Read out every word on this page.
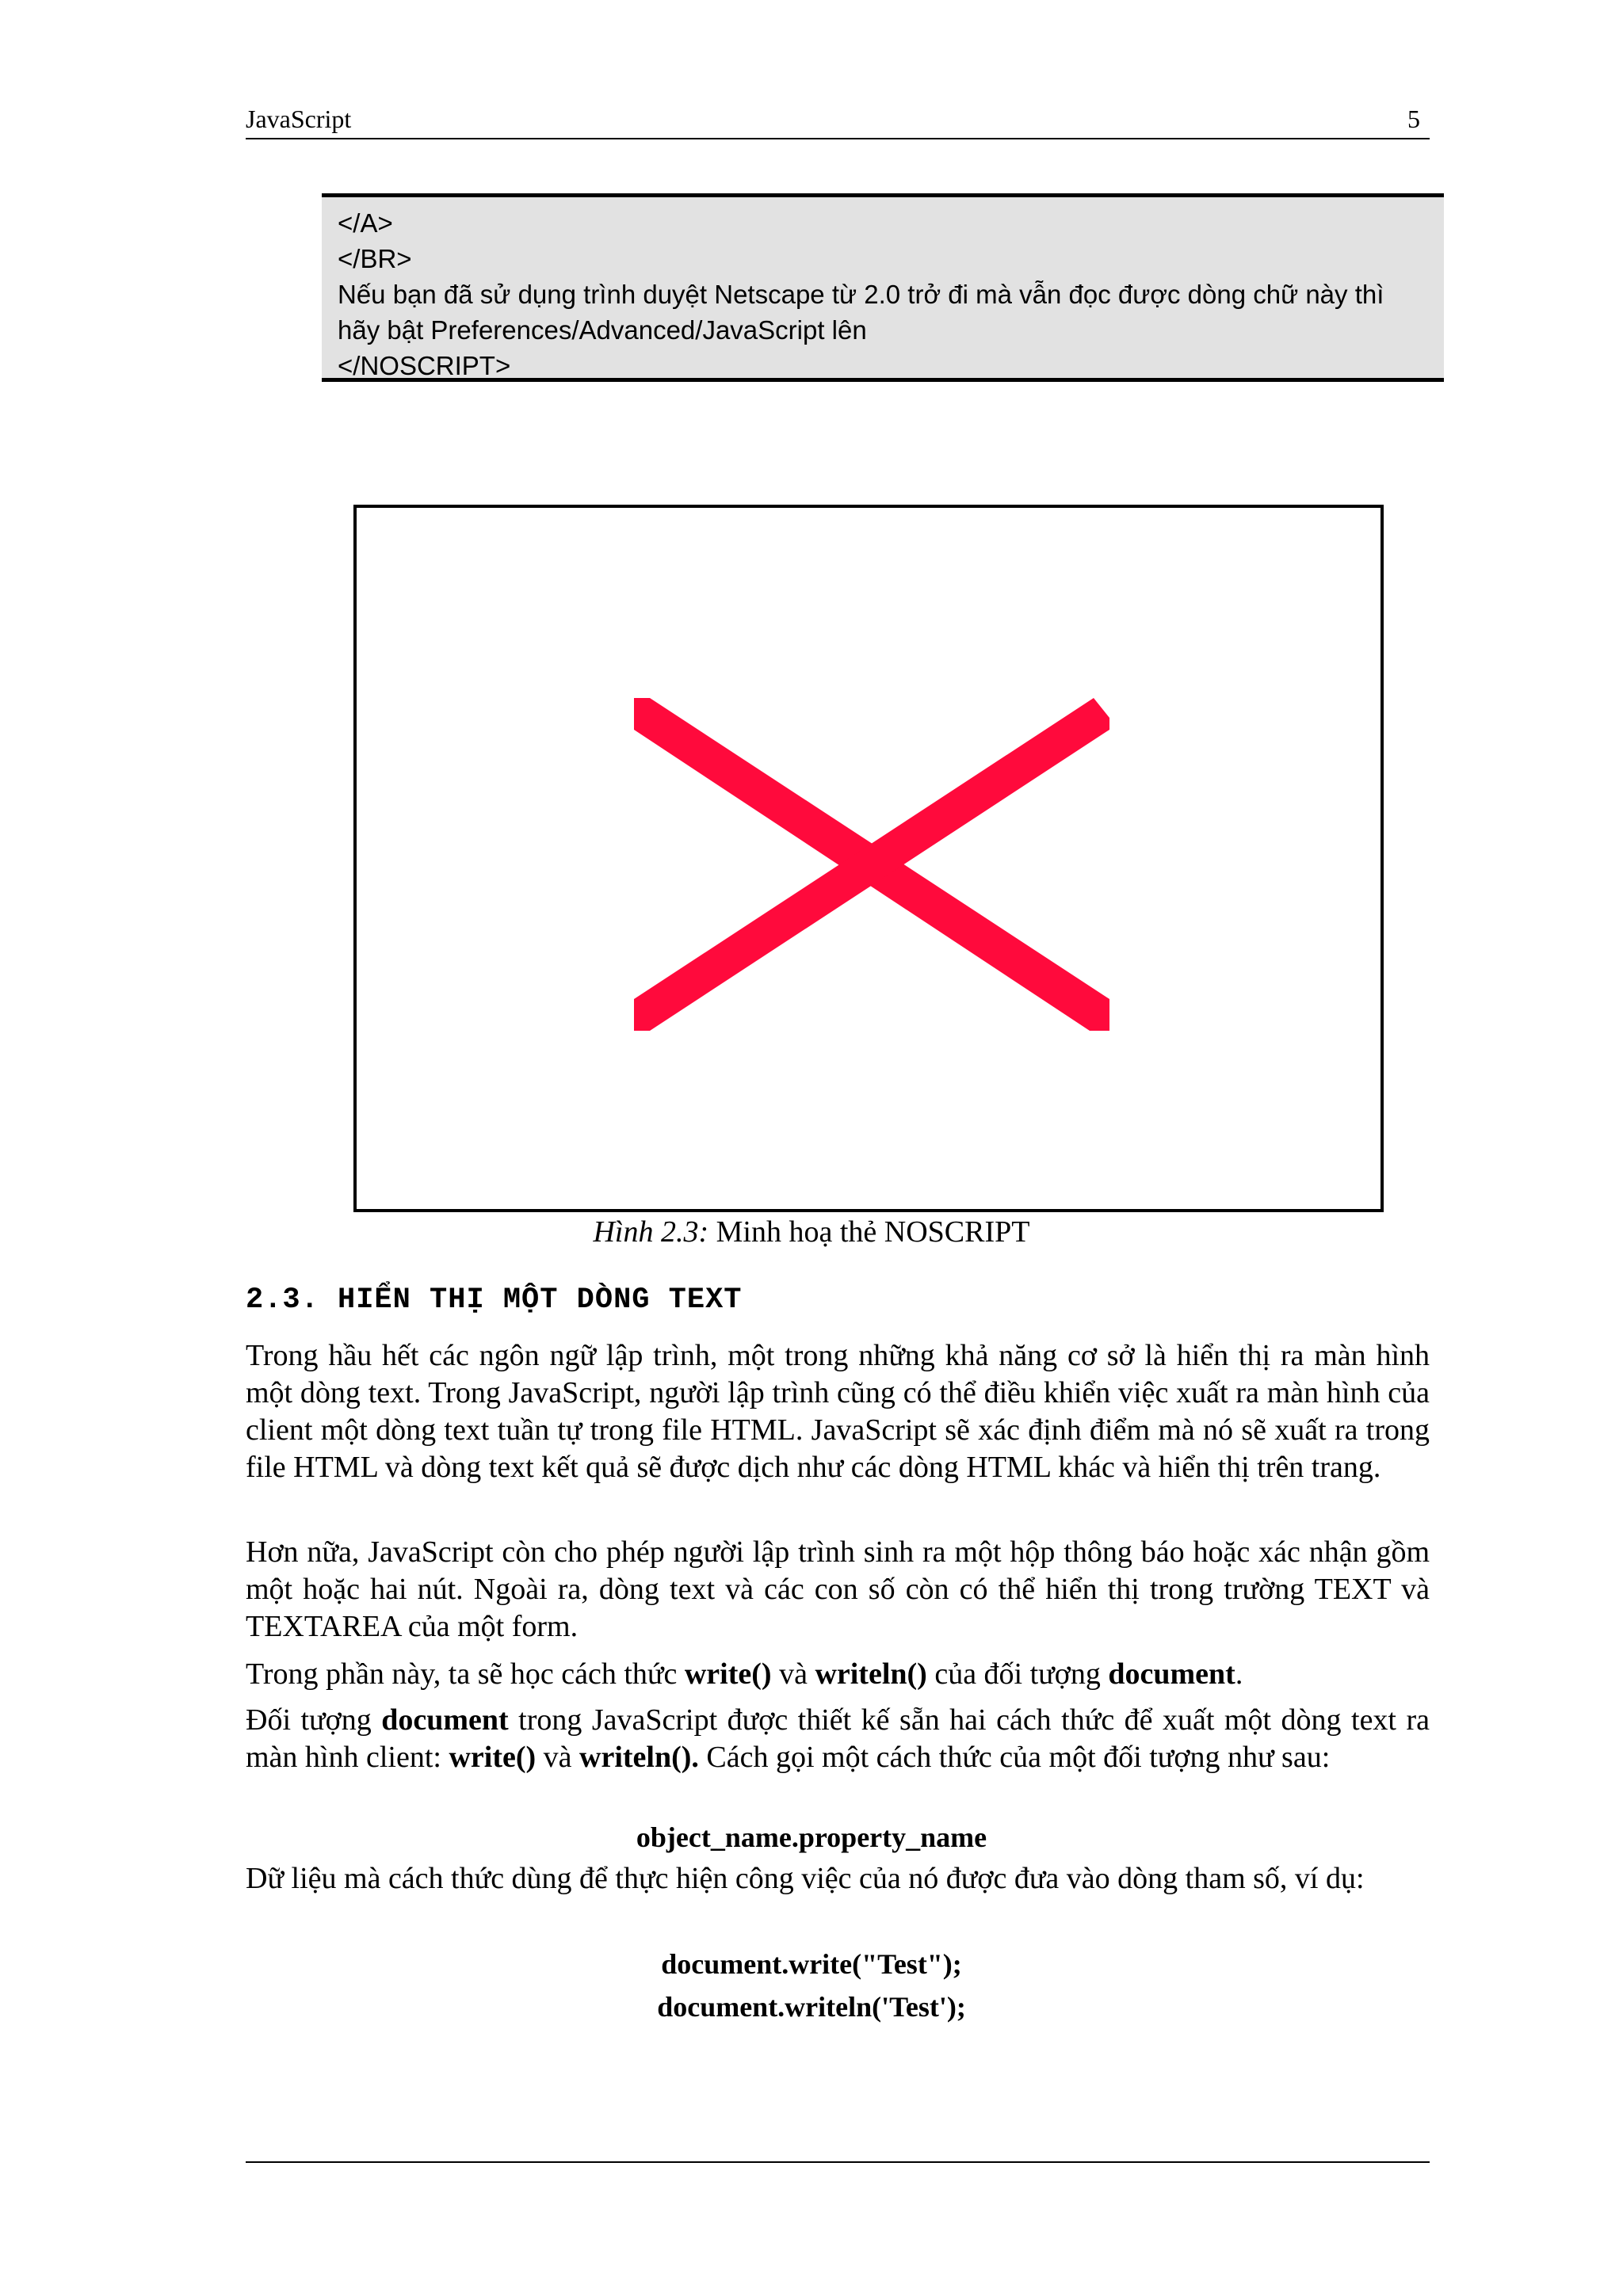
JavaScript	5
</A>
</BR>
Nếu bạn đã sử dụng trình duyệt Netscape từ 2.0 trở đi mà vẫn đọc được dòng chữ này thì
hãy bật Preferences/Advanced/JavaScript lên
</NOSCRIPT>
Hình 2.3: Minh hoạ thẻ NOSCRIPT
2.3. HIỂN THỊ MỘT DÒNG TEXT
Trong hầu hết các ngôn ngữ lập trình, một trong những khả năng cơ sở là hiển thị ra màn hình một dòng text. Trong JavaScript, người lập trình cũng có thể điều khiển việc xuất ra màn hình của client một dòng text tuần tự trong file HTML. JavaScript sẽ xác định điểm mà nó sẽ xuất ra trong file HTML và dòng text kết quả sẽ được dịch như các dòng HTML khác và hiển thị trên trang.
Hơn nữa, JavaScript còn cho phép người lập trình sinh ra một hộp thông báo hoặc xác nhận gồm một hoặc hai nút. Ngoài ra, dòng text và các con số còn có thể hiển thị trong trường TEXT và TEXTAREA của một form.
Trong phần này, ta sẽ học cách thức write() và writeln() của đối tượng document.
Đối tượng document trong JavaScript được thiết kế sẵn hai cách thức để xuất một dòng text ra màn hình client: write() và writeln(). Cách gọi một cách thức của một đối tượng như sau:
object_name.property_name
Dữ liệu mà cách thức dùng để thực hiện công việc của nó được đưa vào dòng tham số, ví dụ:
document.write("Test");
document.writeln('Test');
